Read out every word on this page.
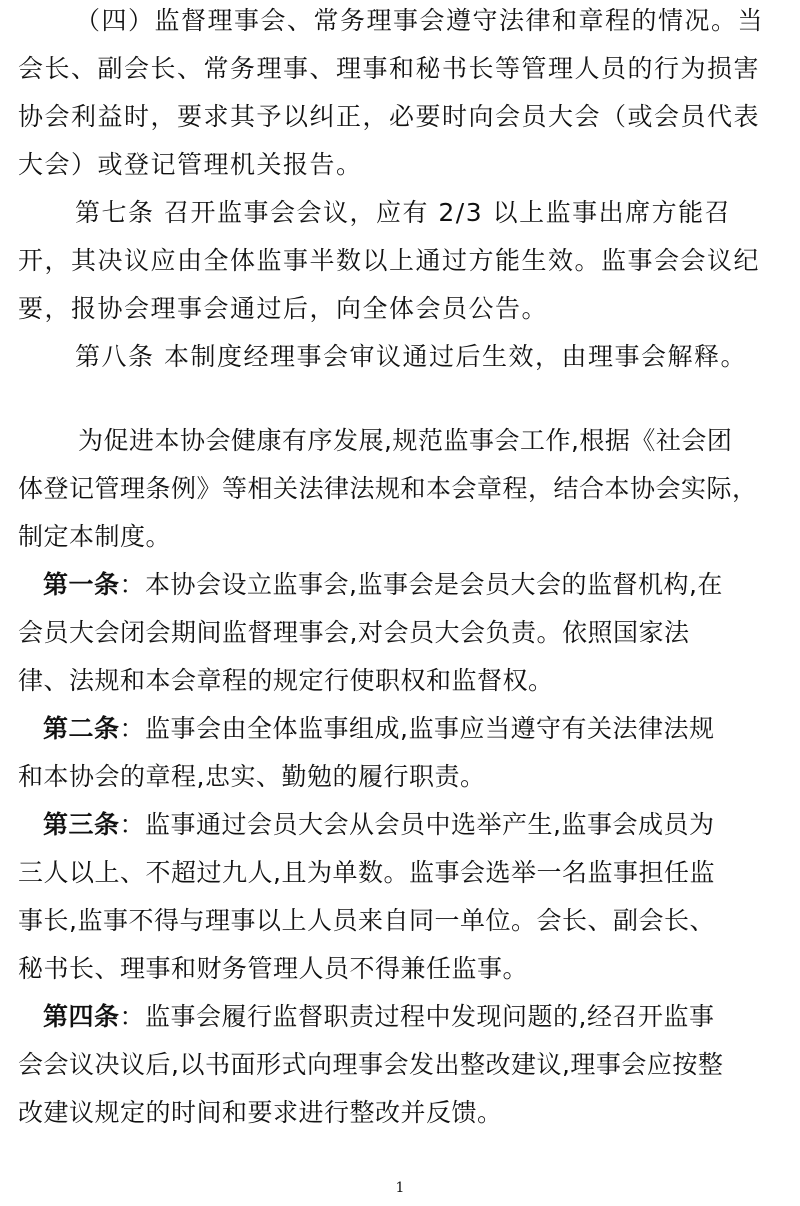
（四）监督理事会、常务理事会遵守法律和章程的情况。当
会长、副会长、常务理事、理事和秘书长等管理人员的行为损害
协会利益时，要求其予以纠正，必要时向会员大会（或会员代表
大会）或登记管理机关报告。
第七条 召开监事会会议，应有 2/3 以上监事出席方能召
开，其决议应由全体监事半数以上通过方能生效。监事会会议纪
要，报协会理事会通过后，向全体会员公告。
第八条 本制度经理事会审议通过后生效，由理事会解释。
为促进本协会健康有序发展,规范监事会工作,根据《社会团
体登记管理条例》等相关法律法规和本会章程，结合本协会实际，
制定本制度。
第一条：本协会设立监事会,监事会是会员大会的监督机构,在
会员大会闭会期间监督理事会,对会员大会负责。依照国家法
律、法规和本会章程的规定行使职权和监督权。
第二条：监事会由全体监事组成,监事应当遵守有关法律法规
和本协会的章程,忠实、勤勉的履行职责。
第三条：监事通过会员大会从会员中选举产生,监事会成员为
三人以上、不超过九人,且为单数。监事会选举一名监事担任监
事长,监事不得与理事以上人员来自同一单位。会长、副会长、
秘书长、理事和财务管理人员不得兼任监事。
第四条：监事会履行监督职责过程中发现问题的,经召开监事
会会议决议后,以书面形式向理事会发出整改建议,理事会应按整
改建议规定的时间和要求进行整改并反馈。
1
